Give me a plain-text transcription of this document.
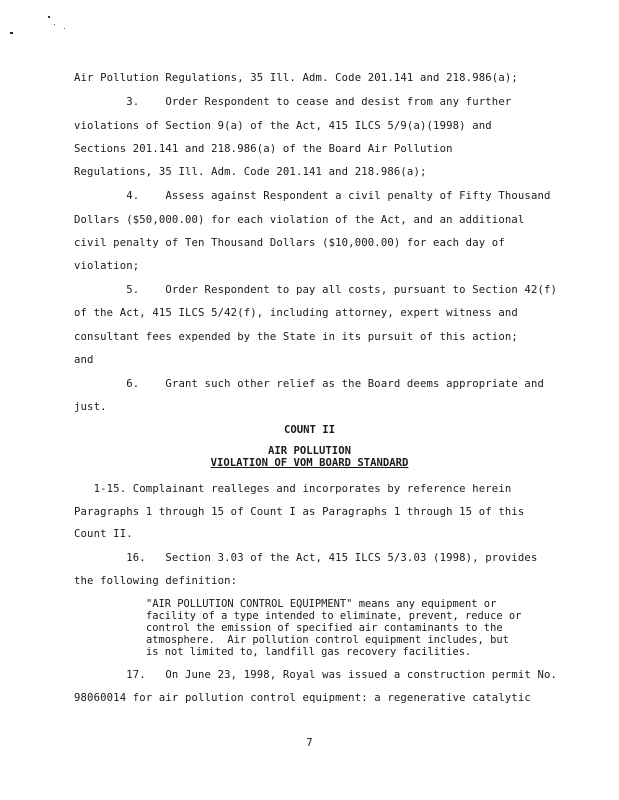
Air Pollution Regulations, 35 Ill. Adm. Code 201.141 and 218.986(a);
3.    Order Respondent to cease and desist from any further
violations of Section 9(a) of the Act, 415 ILCS 5/9(a)(1998) and
Sections 201.141 and 218.986(a) of the Board Air Pollution
Regulations, 35 Ill. Adm. Code 201.141 and 218.986(a);
4.    Assess against Respondent a civil penalty of Fifty Thousand
Dollars ($50,000.00) for each violation of the Act, and an additional
civil penalty of Ten Thousand Dollars ($10,000.00) for each day of
violation;
5.    Order Respondent to pay all costs, pursuant to Section 42(f)
of the Act, 415 ILCS 5/42(f), including attorney, expert witness and
consultant fees expended by the State in its pursuit of this action;
and
6.    Grant such other relief as the Board deems appropriate and
just.
COUNT II
AIR POLLUTION
VIOLATION OF VOM BOARD STANDARD
1-15. Complainant realleges and incorporates by reference herein
Paragraphs 1 through 15 of Count I as Paragraphs 1 through 15 of this
Count II.
16.   Section 3.03 of the Act, 415 ILCS 5/3.03 (1998), provides
the following definition:
"AIR POLLUTION CONTROL EQUIPMENT" means any equipment or
facility of a type intended to eliminate, prevent, reduce or
control the emission of specified air contaminants to the
atmosphere.  Air pollution control equipment includes, but
is not limited to, landfill gas recovery facilities.
17.   On June 23, 1998, Royal was issued a construction permit No.
98060014 for air pollution control equipment: a regenerative catalytic
7
